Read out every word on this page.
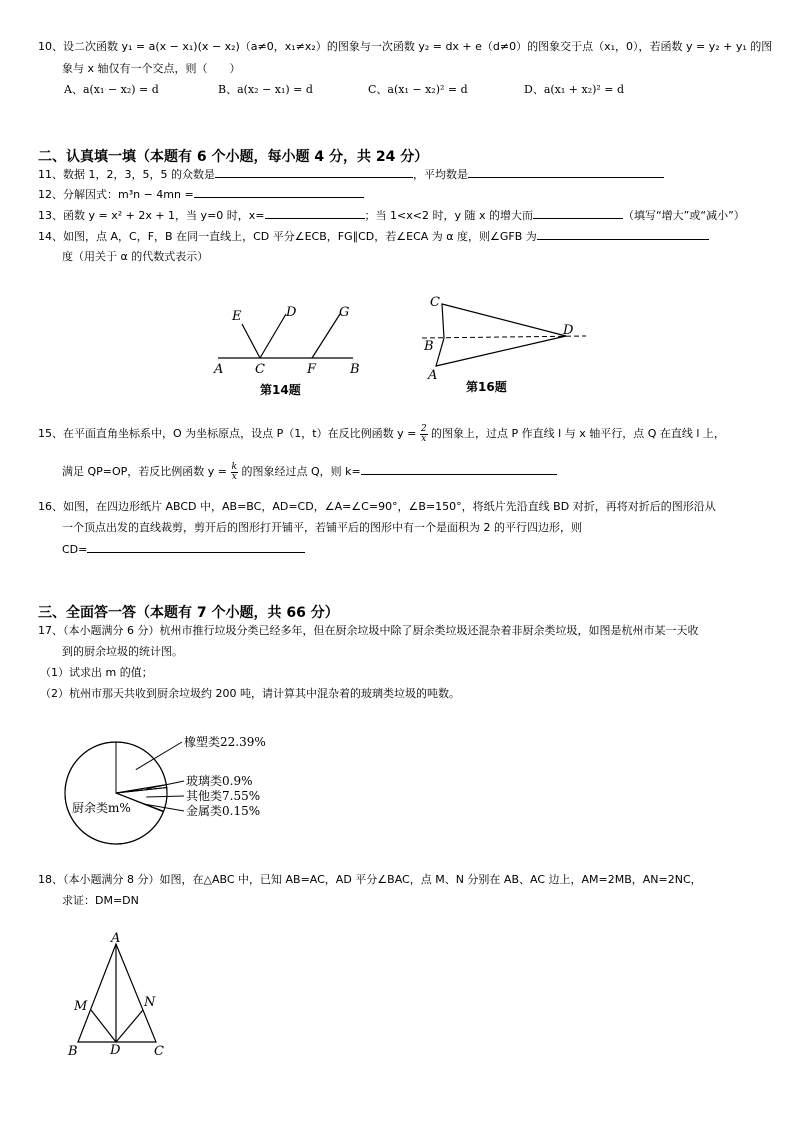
10、设二次函数 y₁ = a(x − x₁)(x − x₂)（a≠0，x₁≠x₂）的图象与一次函数 y₂ = dx + e（d≠0）的图象交于点（x₁，0），若函数 y = y₂ + y₁ 的图
象与 x 轴仅有一个交点，则（　　）
A、a(x₁ − x₂) = d	B、a(x₂ − x₁) = d	C、a(x₁ − x₂)² = d	D、a(x₁ + x₂)² = d
二、认真填一填（本题有 6 个小题，每小题 4 分，共 24 分）
11、数据 1，2，3，5，5 的众数是	，平均数是
12、分解因式：m³n − 4mn =
13、函数 y = x² + 2x + 1，当 y=0 时，x=	；当 1<x<2 时，y 随 x 的增大而	（填写“增大”或“减小”）
14、如图，点 A，C，F，B 在同一直线上，CD 平分∠ECB，FG∥CD，若∠ECA 为 α 度，则∠GFB 为
度（用关于 α 的代数式表示）
E	D	G
A C	F	B
第14题
C
D
B
A
第16题
15、在平面直角坐标系中，O 为坐标原点，设点 P（1，t）在反比例函数 $y = \frac{2}{x}$ 的图象上，过点 P 作直线 l 与 x 轴平行，点 Q 在直线 l 上，
满足 QP=OP，若反比例函数 $y = \frac{k}{x}$ 的图象经过点 Q，则 k=
16、如图，在四边形纸片 ABCD 中，AB=BC，AD=CD，∠A=∠C=90°，∠B=150°，将纸片先沿直线 BD 对折，再将对折后的图形沿从
一个顶点出发的直线裁剪，剪开后的图形打开铺平，若铺平后的图形中有一个是面积为 2 的平行四边形，则
CD=
三、全面答一答（本题有 7 个小题，共 66 分）
17、（本小题满分 6 分）杭州市推行垃圾分类已经多年，但在厨余垃圾中除了厨余类垃圾还混杂着非厨余类垃圾，如图是杭州市某一天收
到的厨余垃圾的统计图。
（1）试求出 m 的值；
（2）杭州市那天共收到厨余垃圾约 200 吨，请计算其中混杂着的玻璃类垃圾的吨数。
橡塑类22.39%
玻璃类0.9%
其他类7.55%
金属类0.15%
厨余类m%
18、（本小题满分 8 分）如图，在△ABC 中，已知 AB=AC，AD 平分∠BAC，点 M、N 分别在 AB、AC 边上，AM=2MB，AN=2NC，
求证：DM=DN
A
M	N
B D	C
